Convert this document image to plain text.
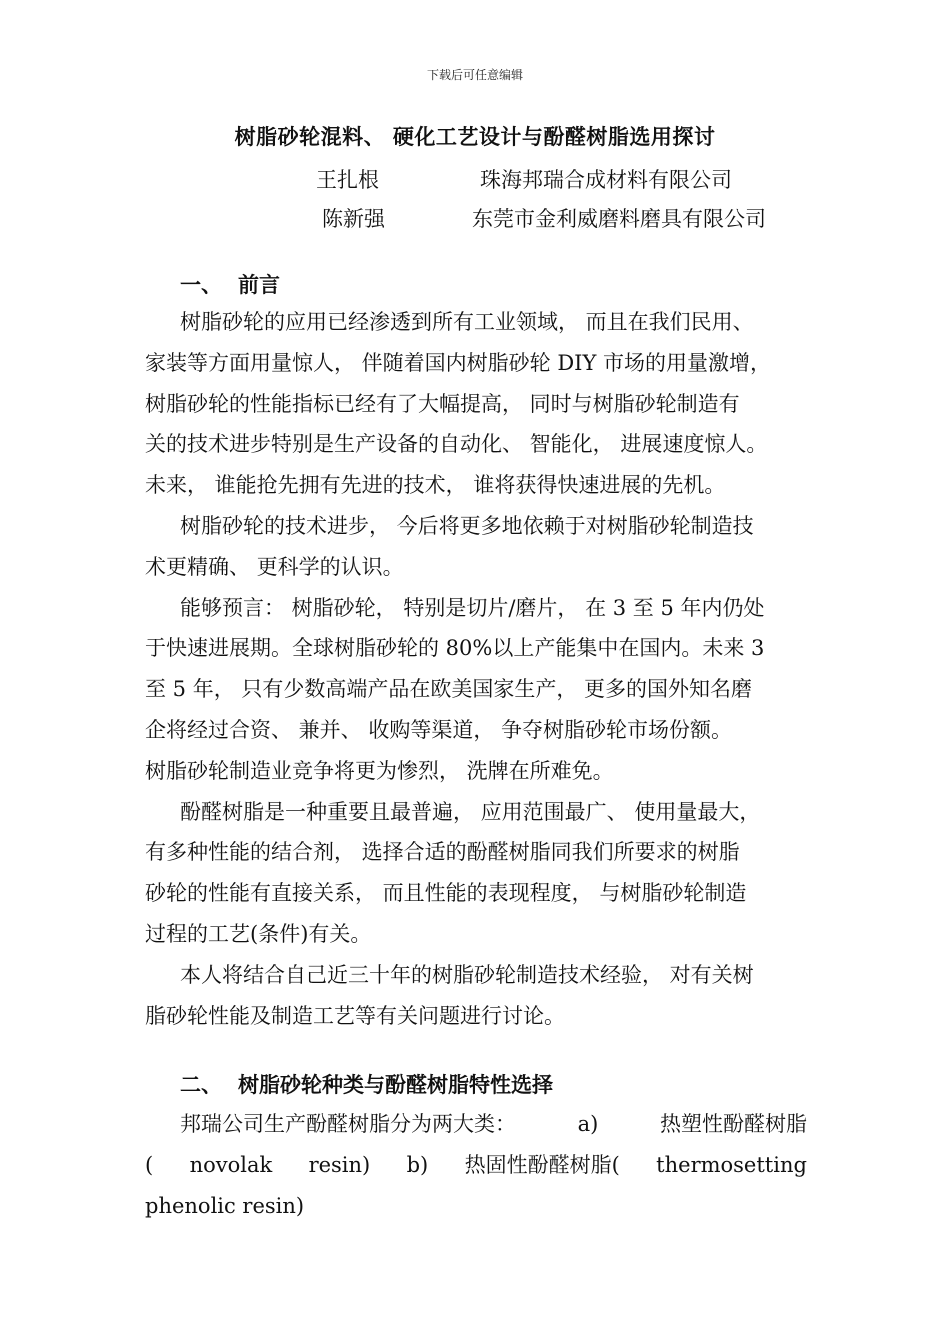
下载后可任意编辑
树脂砂轮混料、 硬化工艺设计与酚醛树脂选用探讨
王扎根	珠海邦瑞合成材料有限公司
陈新强	东莞市金利威磨料磨具有限公司
一、 前言
树脂砂轮的应用已经渗透到所有工业领域， 而且在我们民用、
家装等方面用量惊人， 伴随着国内树脂砂轮 DIY 市场的用量激增，
树脂砂轮的性能指标已经有了大幅提高， 同时与树脂砂轮制造有
关的技术进步特别是生产设备的自动化、 智能化， 进展速度惊人。
未来， 谁能抢先拥有先进的技术， 谁将获得快速进展的先机。
树脂砂轮的技术进步， 今后将更多地依赖于对树脂砂轮制造技
术更精确、 更科学的认识。
能够预言： 树脂砂轮， 特别是切片/磨片， 在 3 至 5 年内仍处
于快速进展期。全球树脂砂轮的 80%以上产能集中在国内。未来 3
至 5 年， 只有少数高端产品在欧美国家生产， 更多的国外知名磨
企将经过合资、 兼并、 收购等渠道， 争夺树脂砂轮市场份额。
树脂砂轮制造业竞争将更为惨烈， 洗牌在所难免。
酚醛树脂是一种重要且最普遍， 应用范围最广、 使用量最大，
有多种性能的结合剂， 选择合适的酚醛树脂同我们所要求的树脂
砂轮的性能有直接关系， 而且性能的表现程度， 与树脂砂轮制造
过程的工艺(条件)有关。
本人将结合自己近三十年的树脂砂轮制造技术经验， 对有关树
脂砂轮性能及制造工艺等有关问题进行讨论。
二、 树脂砂轮种类与酚醛树脂特性选择
邦瑞公司生产酚醛树脂分为两大类：	a)	热塑性酚醛树脂
( novolak resin) b) 热固性酚醛树脂( thermosetting
phenolic resin)
